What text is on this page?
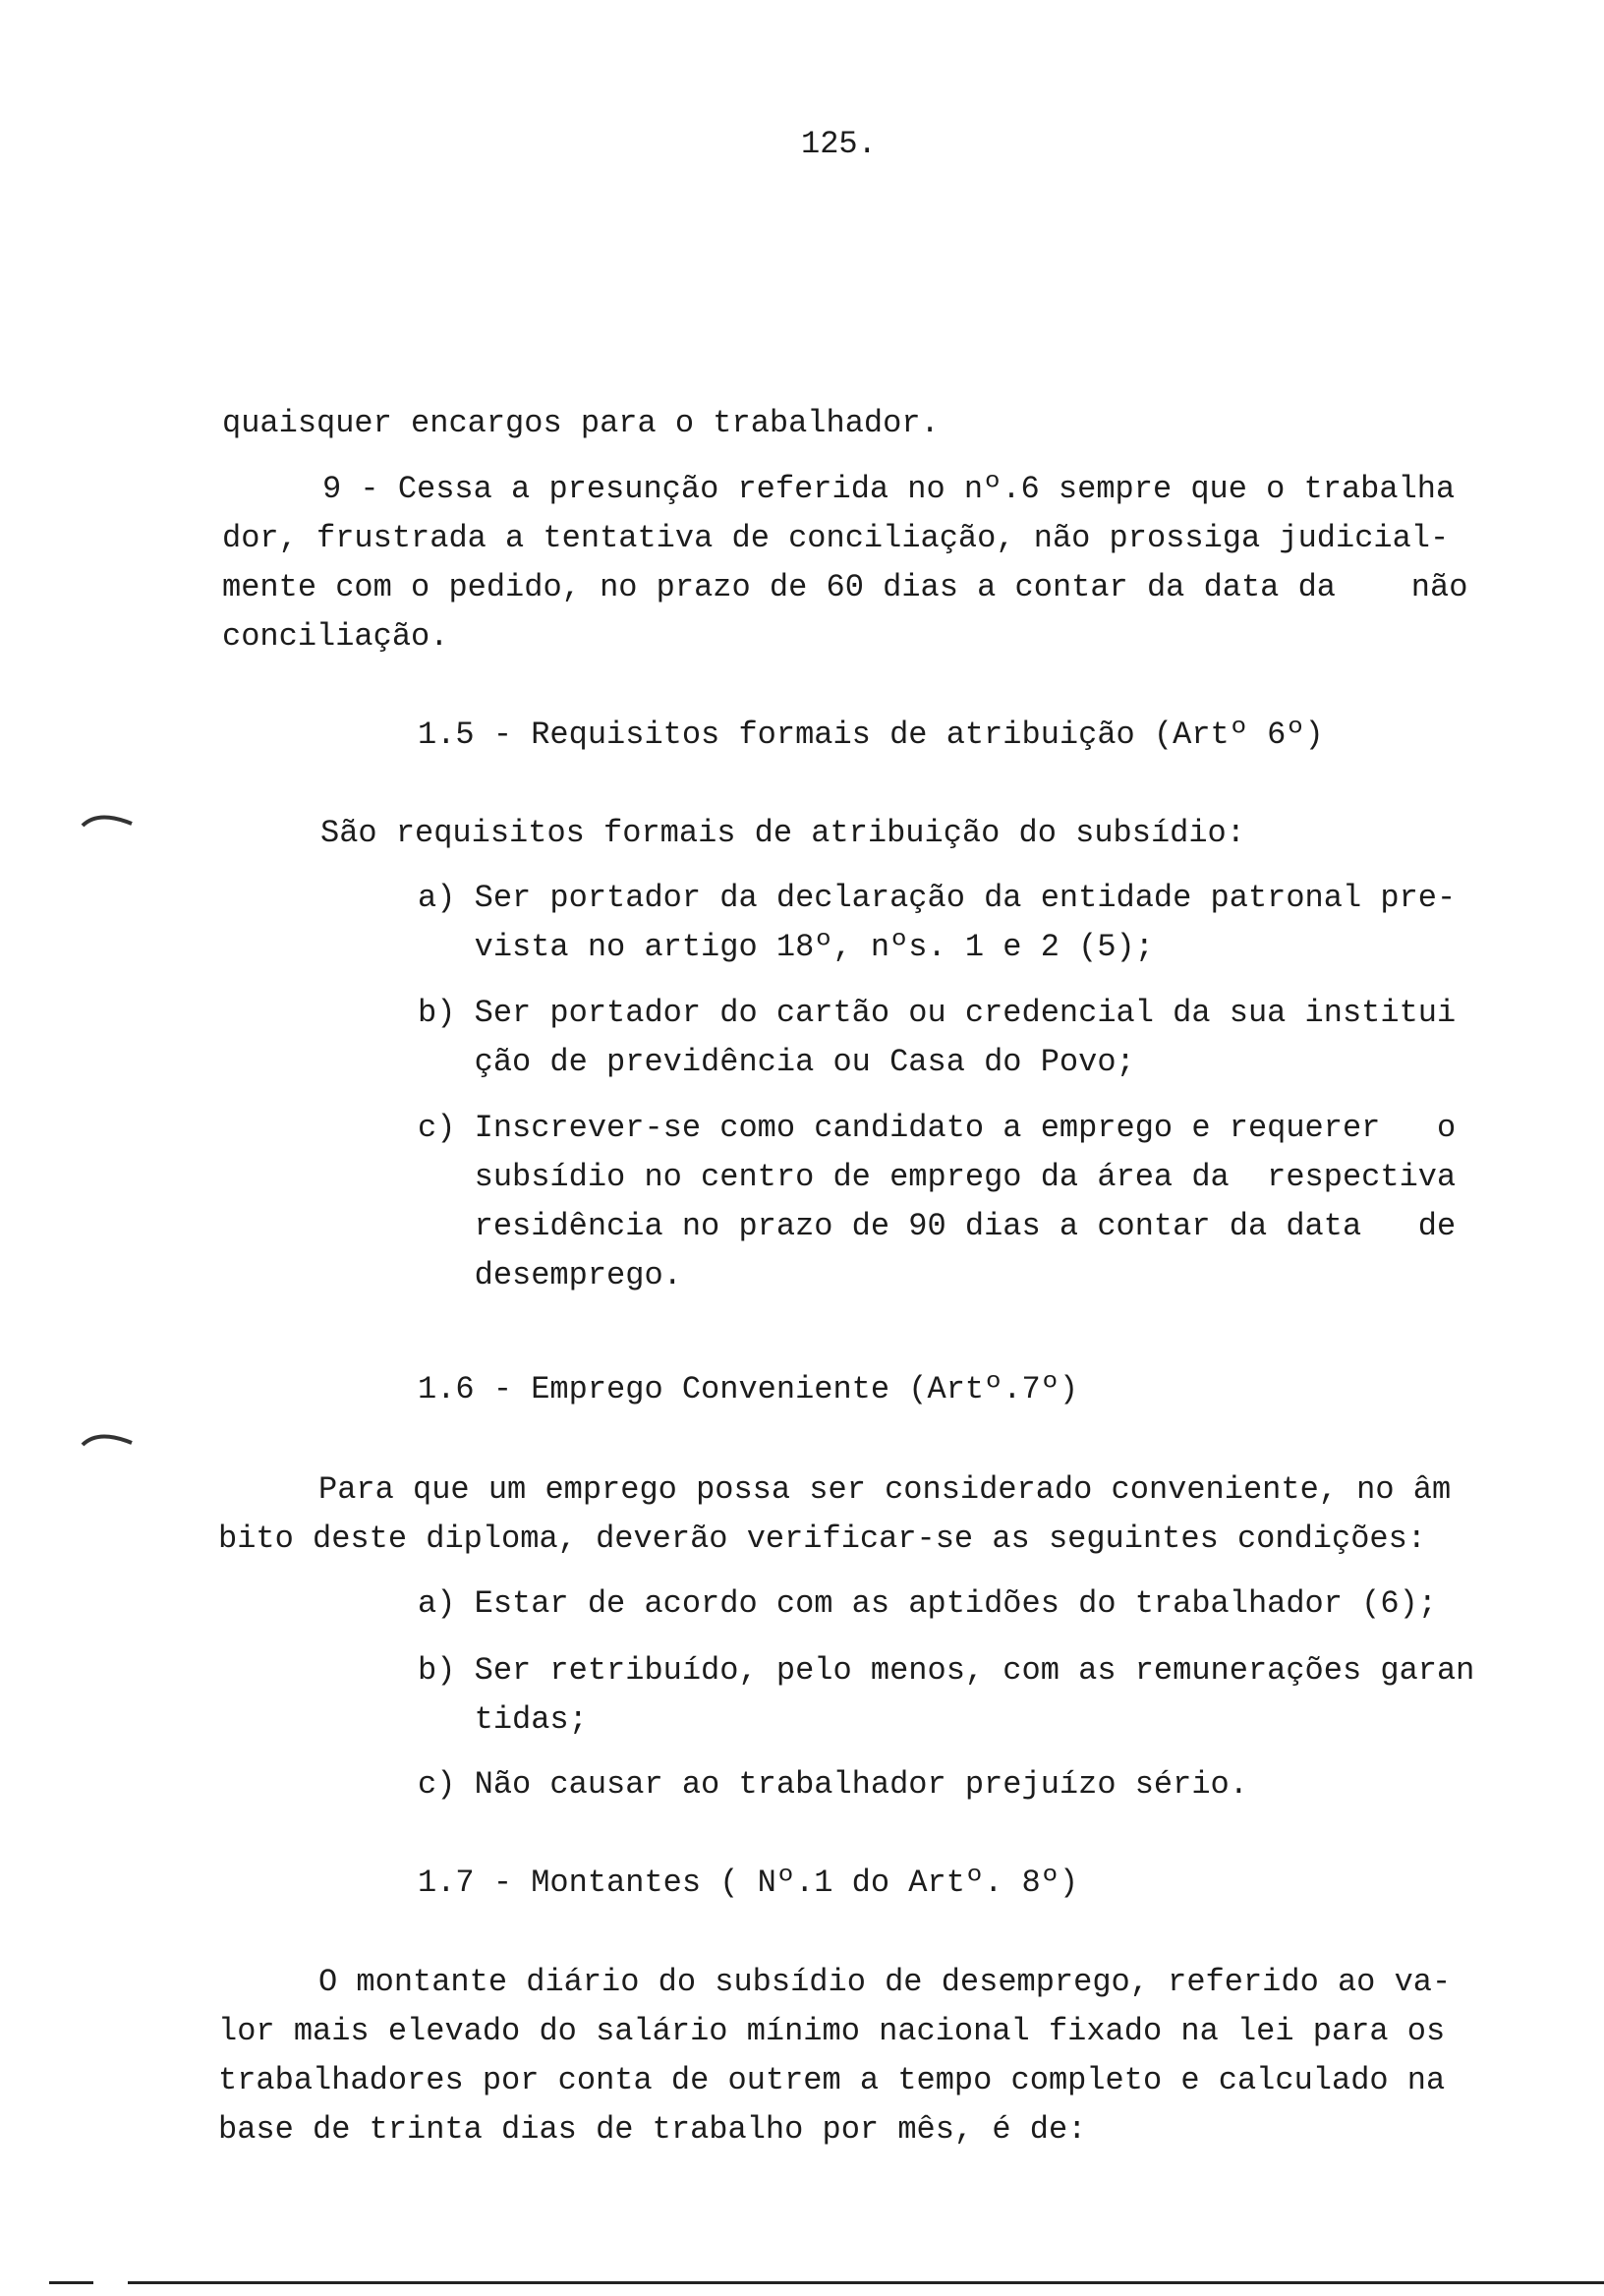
125.
quaisquer encargos para o trabalhador.
9 - Cessa a presunção referida no nº.6 sempre que o trabalha
dor, frustrada a tentativa de conciliação, não prossiga judicial-
mente com o pedido, no prazo de 60 dias a contar da data da    não
conciliação.
1.5 - Requisitos formais de atribuição (Artº 6º)
São requisitos formais de atribuição do subsídio:
a) Ser portador da declaração da entidade patronal pre-
vista no artigo 18º, nºs. 1 e 2 (5);
b) Ser portador do cartão ou credencial da sua institui
ção de previdência ou Casa do Povo;
c) Inscrever-se como candidato a emprego e requerer   o
subsídio no centro de emprego da área da  respectiva
residência no prazo de 90 dias a contar da data   de
desemprego.
1.6 - Emprego Conveniente (Artº.7º)
Para que um emprego possa ser considerado conveniente, no âm
bito deste diploma, deverão verificar-se as seguintes condições:
a) Estar de acordo com as aptidões do trabalhador (6);
b) Ser retribuído, pelo menos, com as remunerações garan
tidas;
c) Não causar ao trabalhador prejuízo sério.
1.7 - Montantes ( Nº.1 do Artº. 8º)
O montante diário do subsídio de desemprego, referido ao va-
lor mais elevado do salário mínimo nacional fixado na lei para os
trabalhadores por conta de outrem a tempo completo e calculado na
base de trinta dias de trabalho por mês, é de:
